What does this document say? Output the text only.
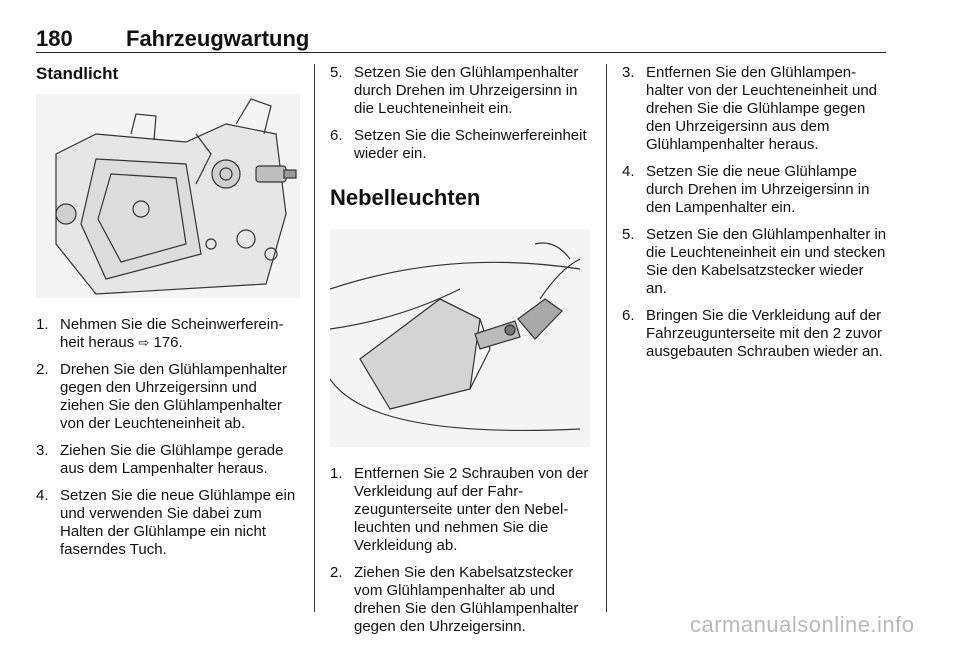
180 Fahrzeugwartung
Standlicht
1. Nehmen Sie die Scheinwerfereinheit heraus ⇨ 176.
2. Drehen Sie den Glühlampenhalter gegen den Uhrzeigersinn und ziehen Sie den Glühlampenhalter von der Leuchteneinheit ab.
3. Ziehen Sie die Glühlampe gerade aus dem Lampenhalter heraus.
4. Setzen Sie die neue Glühlampe ein und verwenden Sie dabei zum Halten der Glühlampe ein nicht faserndes Tuch.
5. Setzen Sie den Glühlampenhalter durch Drehen im Uhrzeigersinn in die Leuchteneinheit ein.
6. Setzen Sie die Scheinwerfereinheit wieder ein.
Nebelleuchten
1. Entfernen Sie 2 Schrauben von der Verkleidung auf der Fahrzeugunterseite unter den Nebelleuchten und nehmen Sie die Verkleidung ab.
2. Ziehen Sie den Kabelsatzstecker vom Glühlampenhalter ab und drehen Sie den Glühlampenhalter gegen den Uhrzeigersinn.
3. Entfernen Sie den Glühlampenhalter von der Leuchteneinheit und drehen Sie die Glühlampe gegen den Uhrzeigersinn aus dem Glühlampenhalter heraus.
4. Setzen Sie die neue Glühlampe durch Drehen im Uhrzeigersinn in den Lampenhalter ein.
5. Setzen Sie den Glühlampenhalter in die Leuchteneinheit ein und stecken Sie den Kabelsatzstecker wieder an.
6. Bringen Sie die Verkleidung auf der Fahrzeugunterseite mit den 2 zuvor ausgebauten Schrauben wieder an.
carmanualsonline.info
